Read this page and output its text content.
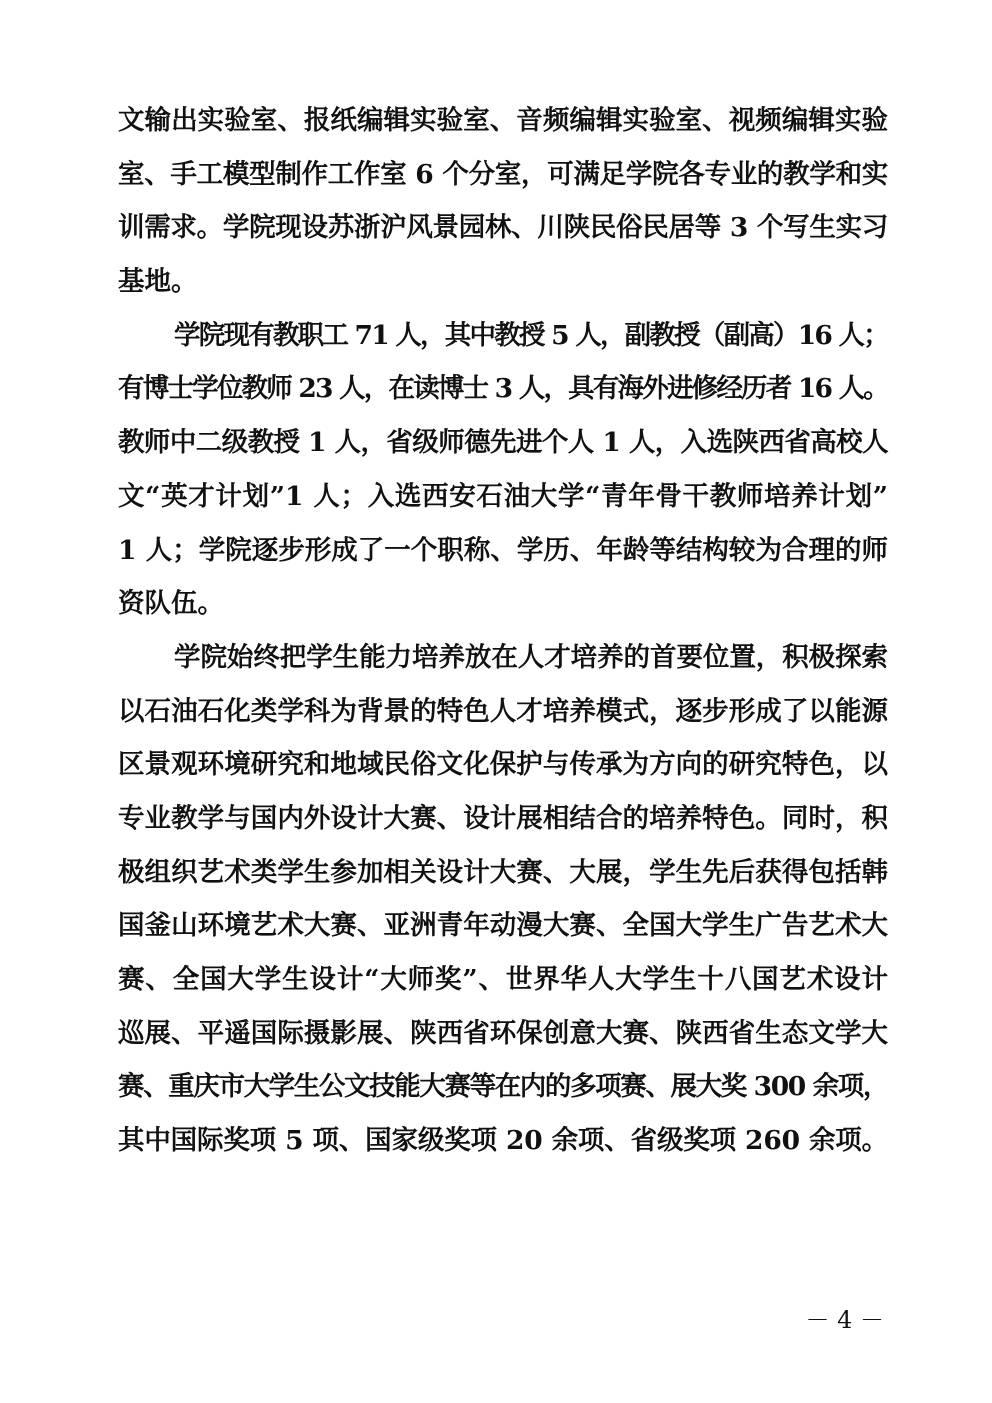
文输出实验室、报纸编辑实验室、音频编辑实验室、视频编辑实验
室、手工模型制作工作室 6 个分室，可满足学院各专业的教学和实
训需求。学院现设苏浙沪风景园林、川陕民俗民居等 3 个写生实习
基地。
学院现有教职工 71 人，其中教授 5 人，副教授（副高）16 人；
有博士学位教师 23 人，在读博士 3 人，具有海外进修经历者 16 人。
教师中二级教授 1 人，省级师德先进个人 1 人，入选陕西省高校人
文“英才计划”1 人；入选西安石油大学“青年骨干教师培养计划”
1 人；学院逐步形成了一个职称、学历、年龄等结构较为合理的师
资队伍。
学院始终把学生能力培养放在人才培养的首要位置，积极探索
以石油石化类学科为背景的特色人才培养模式，逐步形成了以能源
区景观环境研究和地域民俗文化保护与传承为方向的研究特色，以
专业教学与国内外设计大赛、设计展相结合的培养特色。同时，积
极组织艺术类学生参加相关设计大赛、大展，学生先后获得包括韩
国釜山环境艺术大赛、亚洲青年动漫大赛、全国大学生广告艺术大
赛、全国大学生设计“大师奖”、世界华人大学生十八国艺术设计
巡展、平遥国际摄影展、陕西省环保创意大赛、陕西省生态文学大
赛、重庆市大学生公文技能大赛等在内的多项赛、展大奖 300 余项，
其中国际奖项 5 项、国家级奖项 20 余项、省级奖项 260 余项。
－ 4 －
